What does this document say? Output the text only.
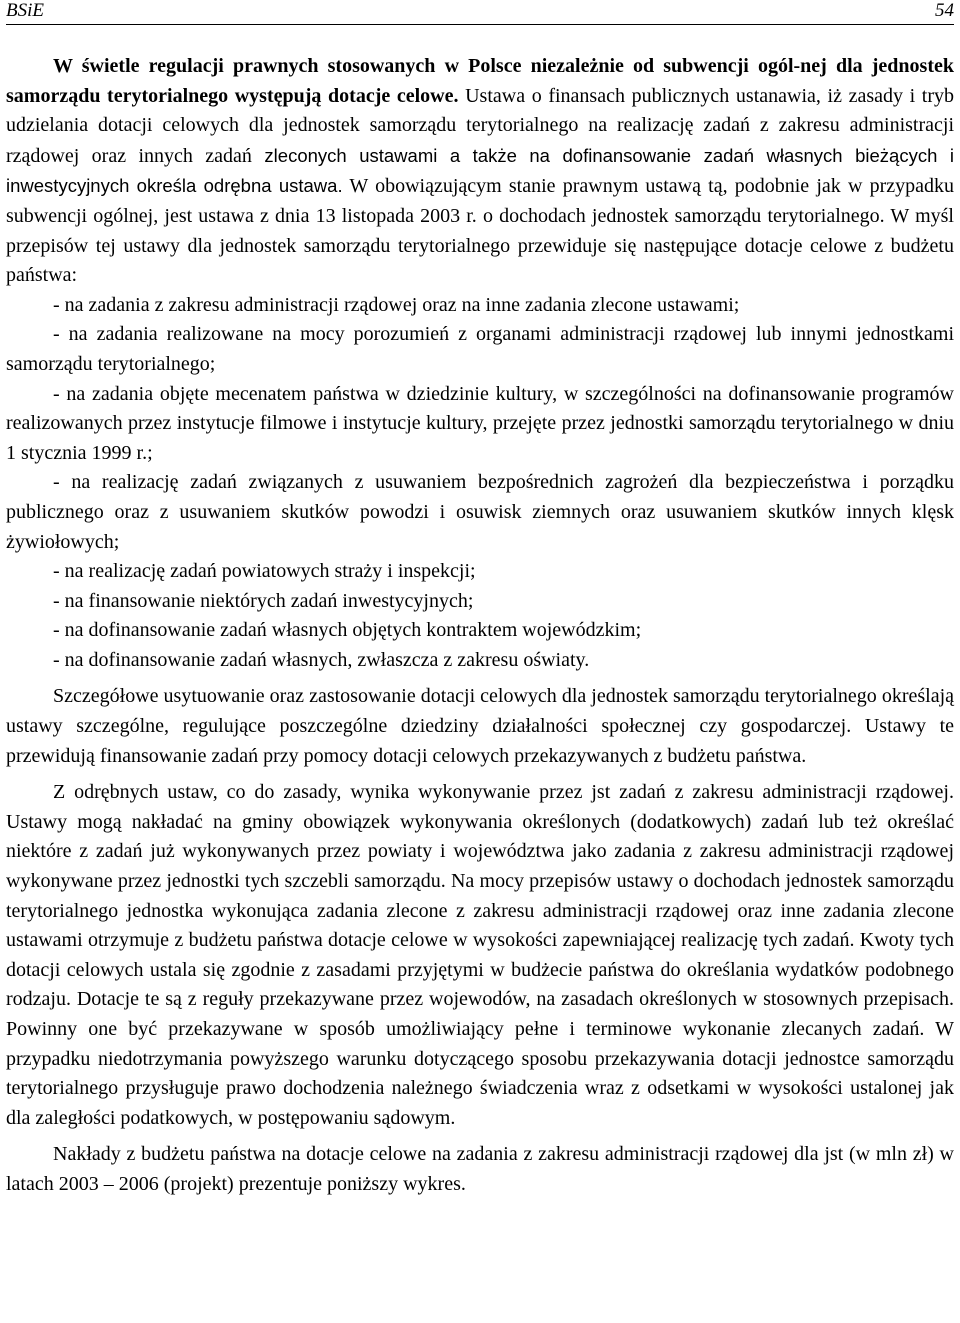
BSiE	54

W świetle regulacji prawnych stosowanych w Polsce niezależnie od subwencji ogól-nej dla jednostek samorządu terytorialnego występują dotacje celowe. Ustawa o finansach publicznych ustanawia, iż zasady i tryb udzielania dotacji celowych dla jednostek samorządu terytorialnego na realizację zadań z zakresu administracji rządowej oraz innych zadań zleconych ustawami a także na dofinansowanie zadań własnych bieżących i inwestycyjnych określa odrębna ustawa. W obowiązującym stanie prawnym ustawą tą, podobnie jak w przypadku subwencji ogólnej, jest ustawa z dnia 13 listopada 2003 r. o dochodach jednostek samorządu terytorialnego. W myśl przepisów tej ustawy dla jednostek samorządu terytorialnego przewiduje się następujące dotacje celowe z budżetu państwa:

- na zadania z zakresu administracji rządowej oraz na inne zadania zlecone ustawami;

- na zadania realizowane na mocy porozumień z organami administracji rządowej lub innymi jednostkami samorządu terytorialnego;

- na zadania objęte mecenatem państwa w dziedzinie kultury, w szczególności na dofinansowanie programów realizowanych przez instytucje filmowe i instytucje kultury, przejęte przez jednostki samorządu terytorialnego w dniu 1 stycznia 1999 r.;

- na realizację zadań związanych z usuwaniem bezpośrednich zagrożeń dla bezpieczeństwa i porządku publicznego oraz z usuwaniem skutków powodzi i osuwisk ziemnych oraz usuwaniem skutków innych klęsk żywiołowych;

- na realizację zadań powiatowych straży i inspekcji;

- na finansowanie niektórych zadań inwestycyjnych;

- na dofinansowanie zadań własnych objętych kontraktem wojewódzkim;

- na dofinansowanie zadań własnych, zwłaszcza z zakresu oświaty.

Szczegółowe usytuowanie oraz zastosowanie dotacji celowych dla jednostek samorządu terytorialnego określają ustawy szczególne, regulujące poszczególne dziedziny działalności społecznej czy gospodarczej. Ustawy te przewidują finansowanie zadań przy pomocy dotacji celowych przekazywanych z budżetu państwa.

Z odrębnych ustaw, co do zasady, wynika wykonywanie przez jst zadań z zakresu administracji rządowej. Ustawy mogą nakładać na gminy obowiązek wykonywania określonych (dodatkowych) zadań lub też określać niektóre z zadań już wykonywanych przez powiaty i województwa jako zadania z zakresu administracji rządowej wykonywane przez jednostki tych szczebli samorządu. Na mocy przepisów ustawy o dochodach jednostek samorządu terytorialnego jednostka wykonująca zadania zlecone z zakresu administracji rządowej oraz inne zadania zlecone ustawami otrzymuje z budżetu państwa dotacje celowe w wysokości zapewniającej realizację tych zadań. Kwoty tych dotacji celowych ustala się zgodnie z zasadami przyjętymi w budżecie państwa do określania wydatków podobnego rodzaju. Dotacje te są z reguły przekazywane przez wojewodów, na zasadach określonych w stosownych przepisach. Powinny one być przekazywane w sposób umożliwiający pełne i terminowe wykonanie zlecanych zadań. W przypadku niedotrzymania powyższego warunku dotyczącego sposobu przekazywania dotacji jednostce samorządu terytorialnego przysługuje prawo dochodzenia należnego świadczenia wraz z odsetkami w wysokości ustalonej jak dla zaległości podatkowych, w postępowaniu sądowym.

Nakłady z budżetu państwa na dotacje celowe na zadania z zakresu administracji rządowej dla jst (w mln zł) w latach 2003 – 2006 (projekt) prezentuje poniższy wykres.
